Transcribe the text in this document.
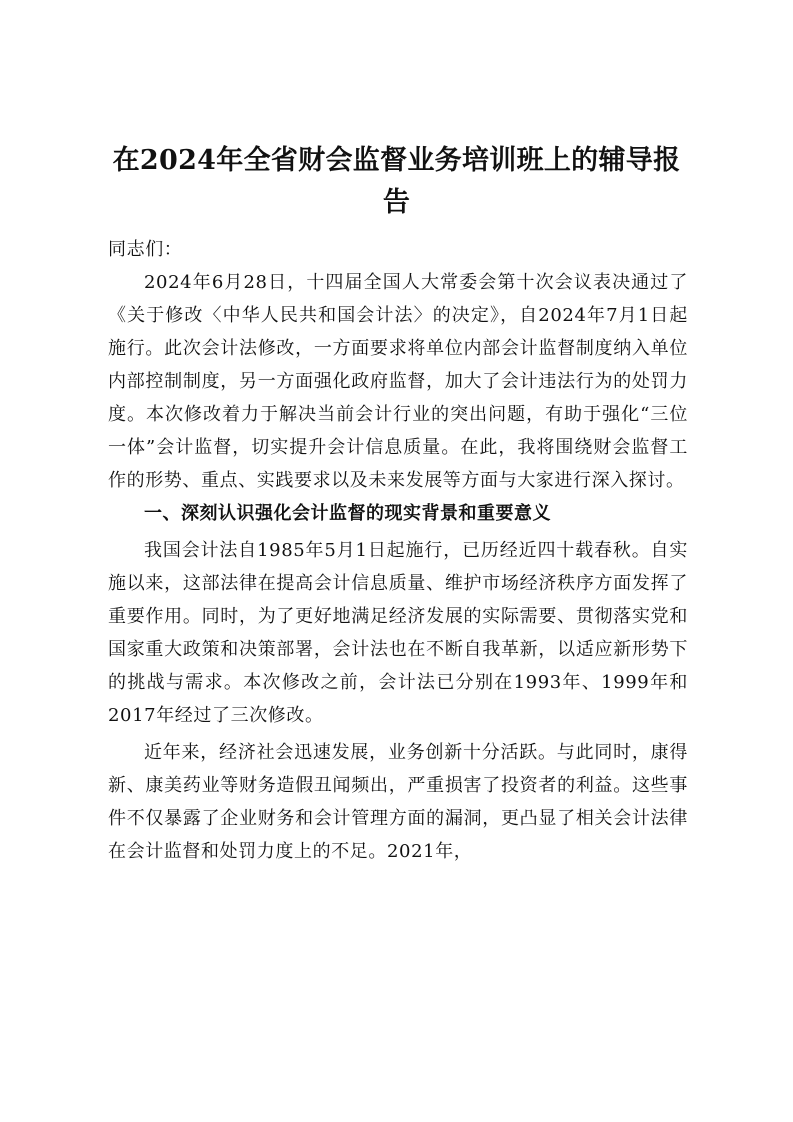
在2024年全省财会监督业务培训班上的辅导报告

同志们：

2024年6月28日，十四届全国人大常委会第十次会议表决通过了《关于修改〈中华人民共和国会计法〉的决定》，自2024年7月1日起施行。此次会计法修改，一方面要求将单位内部会计监督制度纳入单位内部控制制度，另一方面强化政府监督，加大了会计违法行为的处罚力度。本次修改着力于解决当前会计行业的突出问题，有助于强化“三位一体”会计监督，切实提升会计信息质量。在此，我将围绕财会监督工作的形势、重点、实践要求以及未来发展等方面与大家进行深入探讨。

一、深刻认识强化会计监督的现实背景和重要意义

我国会计法自1985年5月1日起施行，已历经近四十载春秋。自实施以来，这部法律在提高会计信息质量、维护市场经济秩序方面发挥了重要作用。同时，为了更好地满足经济发展的实际需要、贯彻落实党和国家重大政策和决策部署，会计法也在不断自我革新，以适应新形势下的挑战与需求。本次修改之前，会计法已分别在1993年、1999年和2017年经过了三次修改。

近年来，经济社会迅速发展，业务创新十分活跃。与此同时，康得新、康美药业等财务造假丑闻频出，严重损害了投资者的利益。这些事件不仅暴露了企业财务和会计管理方面的漏洞，更凸显了相关会计法律在会计监督和处罚力度上的不足。2021年，
